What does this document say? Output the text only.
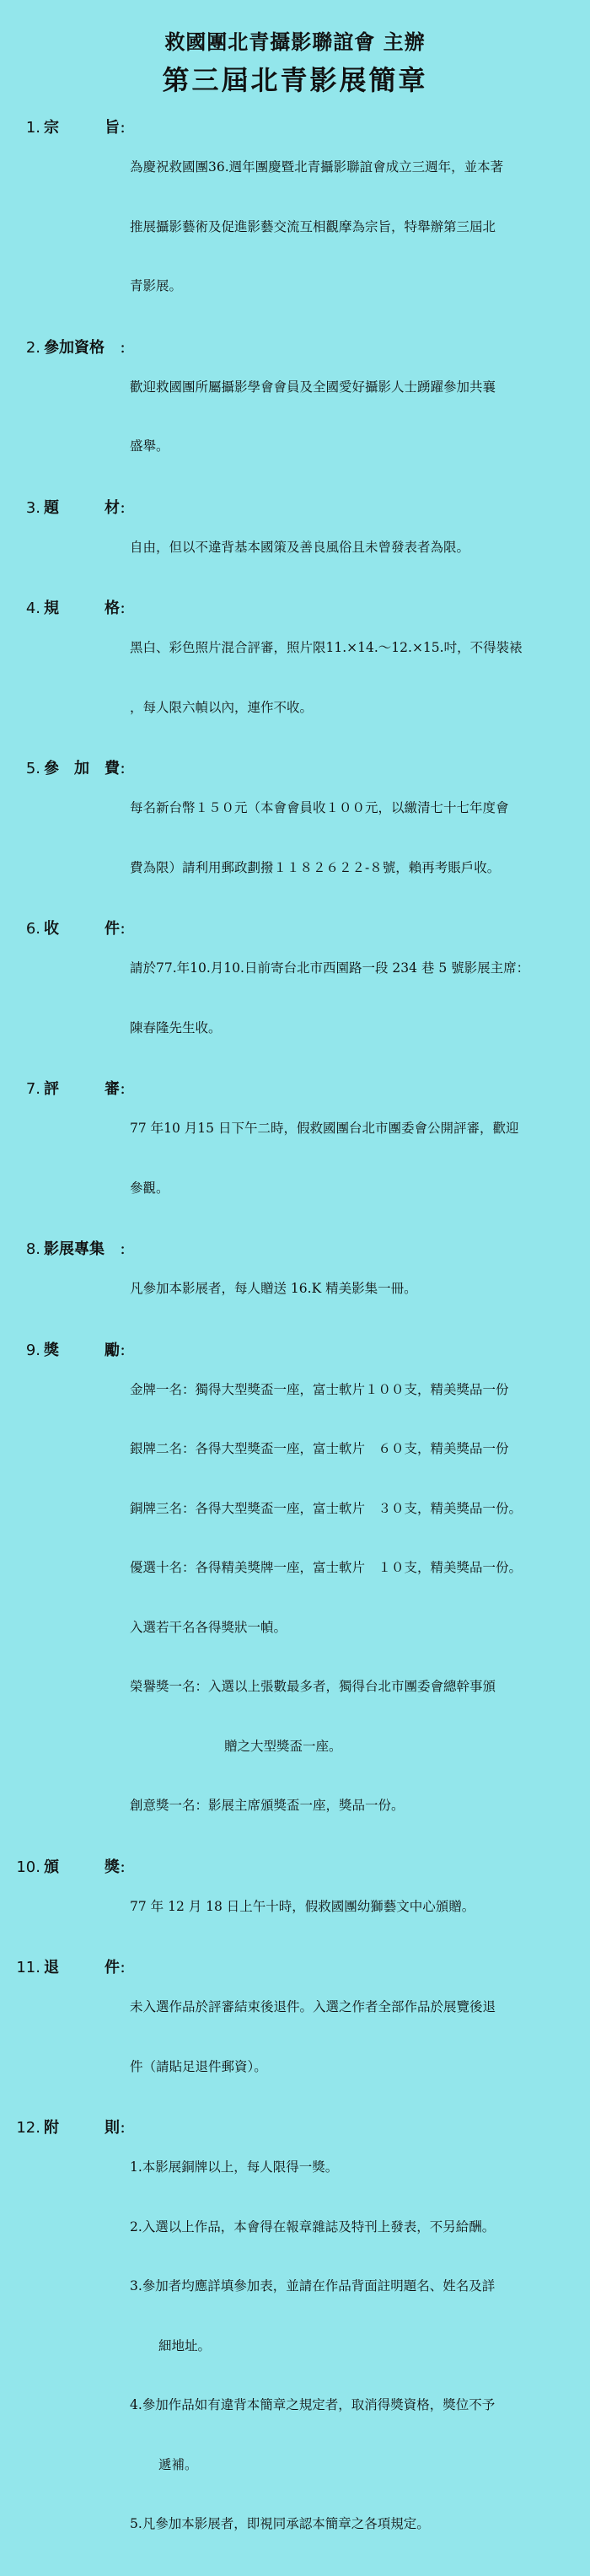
救國團北青攝影聯誼會 主辦
第三屆北青影展簡章
1. 宗	旨 ：

為慶祝救國團36.週年團慶暨北青攝影聯誼會成立三週年，並本著

推展攝影藝術及促進影藝交流互相觀摩為宗旨，特舉辦第三屆北

青影展。

2. 參加資格 ：

歡迎救國團所屬攝影學會會員及全國愛好攝影人士踴躍參加共襄

盛舉。

3. 題	材 ：

自由，但以不違背基本國策及善良風俗且未曾發表者為限。

4. 規	格 ：

黑白、彩色照片混合評審，照片限11.×14.～12.×15.吋，不得裝裱

，每人限六幀以內，連作不收。

5. 參 加 費 ：

每名新台幣１５０元（本會會員收１００元，以繳清七十七年度會

費為限）請利用郵政劃撥１１８２６２２-８號，賴再考賬戶收。

6. 收	件 ：

請於77.年10.月10.日前寄台北市西園路一段 234 巷 5 號影展主席：

陳春隆先生收。

7. 評	審 ：

77 年10 月15 日下午二時，假救國團台北市團委會公開評審，歡迎

參觀。

8. 影展專集 ：

凡參加本影展者，每人贈送 16.K 精美影集一冊。

9. 獎	勵 ：

金牌一名：獨得大型獎盃一座，富士軟片１００支，精美獎品一份

銀牌二名：各得大型獎盃一座，富士軟片　６０支，精美獎品一份

銅牌三名：各得大型獎盃一座，富士軟片　３０支，精美獎品一份。

優選十名：各得精美獎牌一座，富士軟片　１０支，精美獎品一份。

入選若干名各得獎狀一幀。

榮譽獎一名：入選以上張數最多者，獨得台北市團委會總幹事頒

贈之大型獎盃一座。

創意獎一名：影展主席頒獎盃一座，獎品一份。

10. 頒	獎 ：

77 年 12 月 18 日上午十時，假救國團幼獅藝文中心頒贈。

11. 退	件 ：

未入選作品於評審結束後退件。入選之作者全部作品於展覽後退

件（請貼足退件郵資）。

12. 附	則 ：

1.本影展銅牌以上，每人限得一獎。

2.入選以上作品，本會得在報章雜誌及特刊上發表，不另給酬。

3.參加者均應詳填參加表，並請在作品背面註明題名、姓名及詳

細地址。

4.參加作品如有違背本簡章之規定者，取消得獎資格，獎位不予

遞補。

5.凡參加本影展者，即視同承認本簡章之各項規定。
